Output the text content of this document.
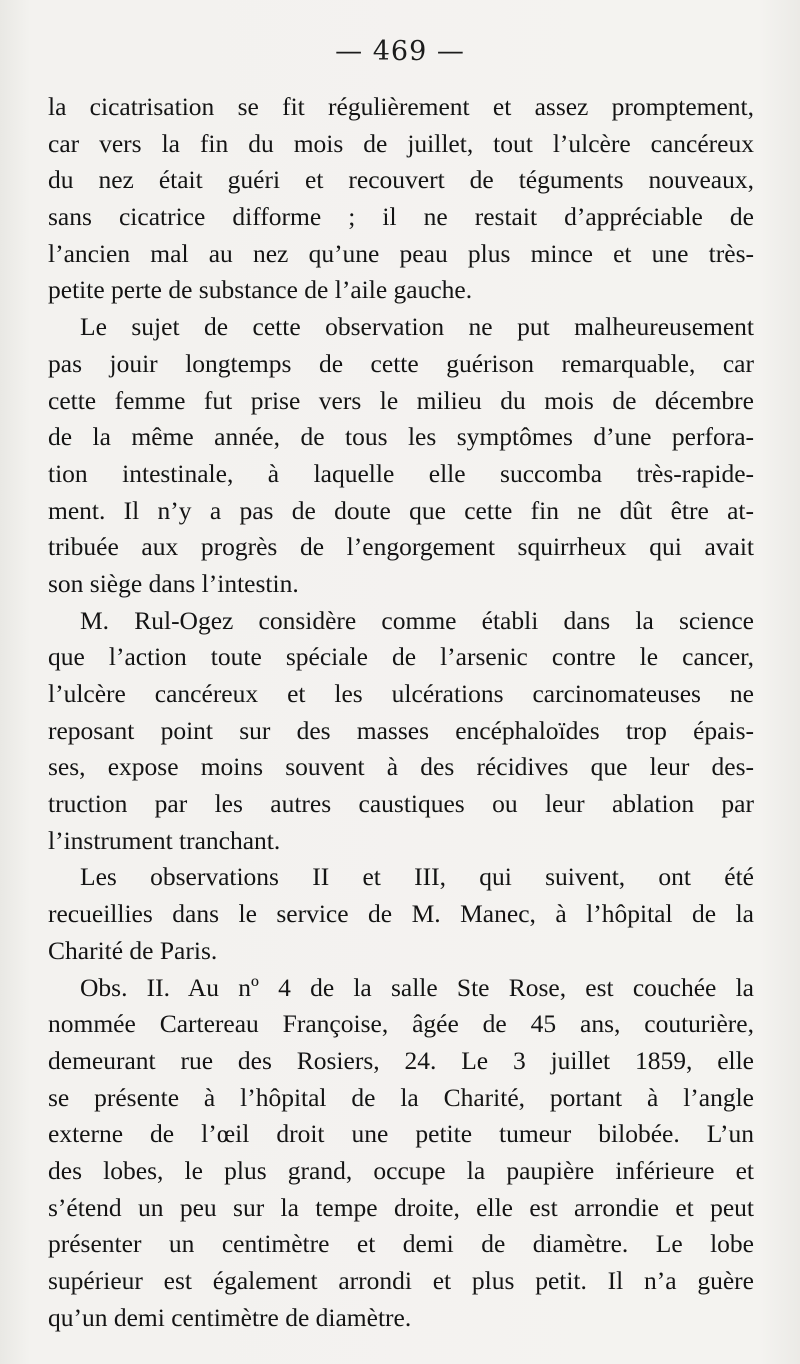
— 469 —
la cicatrisation se fit régulièrement et assez promptement,
car vers la fin du mois de juillet, tout l’ulcère cancéreux
du nez était guéri et recouvert de téguments nouveaux,
sans cicatrice difforme ; il ne restait d’appréciable de
l’ancien mal au nez qu’une peau plus mince et une très-
petite perte de substance de l’aile gauche.
Le sujet de cette observation ne put malheureusement
pas jouir longtemps de cette guérison remarquable, car
cette femme fut prise vers le milieu du mois de décembre
de la même année, de tous les symptômes d’une perfora-
tion intestinale, à laquelle elle succomba très-rapide-
ment. Il n’y a pas de doute que cette fin ne dût être at-
tribuée aux progrès de l’engorgement squirrheux qui avait
son siège dans l’intestin.
M. Rul-Ogez considère comme établi dans la science
que l’action toute spéciale de l’arsenic contre le cancer,
l’ulcère cancéreux et les ulcérations carcinomateuses ne
reposant point sur des masses encéphaloïdes trop épais-
ses, expose moins souvent à des récidives que leur des-
truction par les autres caustiques ou leur ablation par
l’instrument tranchant.
Les observations II et III, qui suivent, ont été
recueillies dans le service de M. Manec, à l’hôpital de la
Charité de Paris.
Obs. II. Au nº 4 de la salle Ste Rose, est couchée la
nommée Cartereau Françoise, âgée de 45 ans, couturière,
demeurant rue des Rosiers, 24. Le 3 juillet 1859, elle
se présente à l’hôpital de la Charité, portant à l’angle
externe de l’œil droit une petite tumeur bilobée. L’un
des lobes, le plus grand, occupe la paupière inférieure et
s’étend un peu sur la tempe droite, elle est arrondie et peut
présenter un centimètre et demi de diamètre. Le lobe
supérieur est également arrondi et plus petit. Il n’a guère
qu’un demi centimètre de diamètre.
